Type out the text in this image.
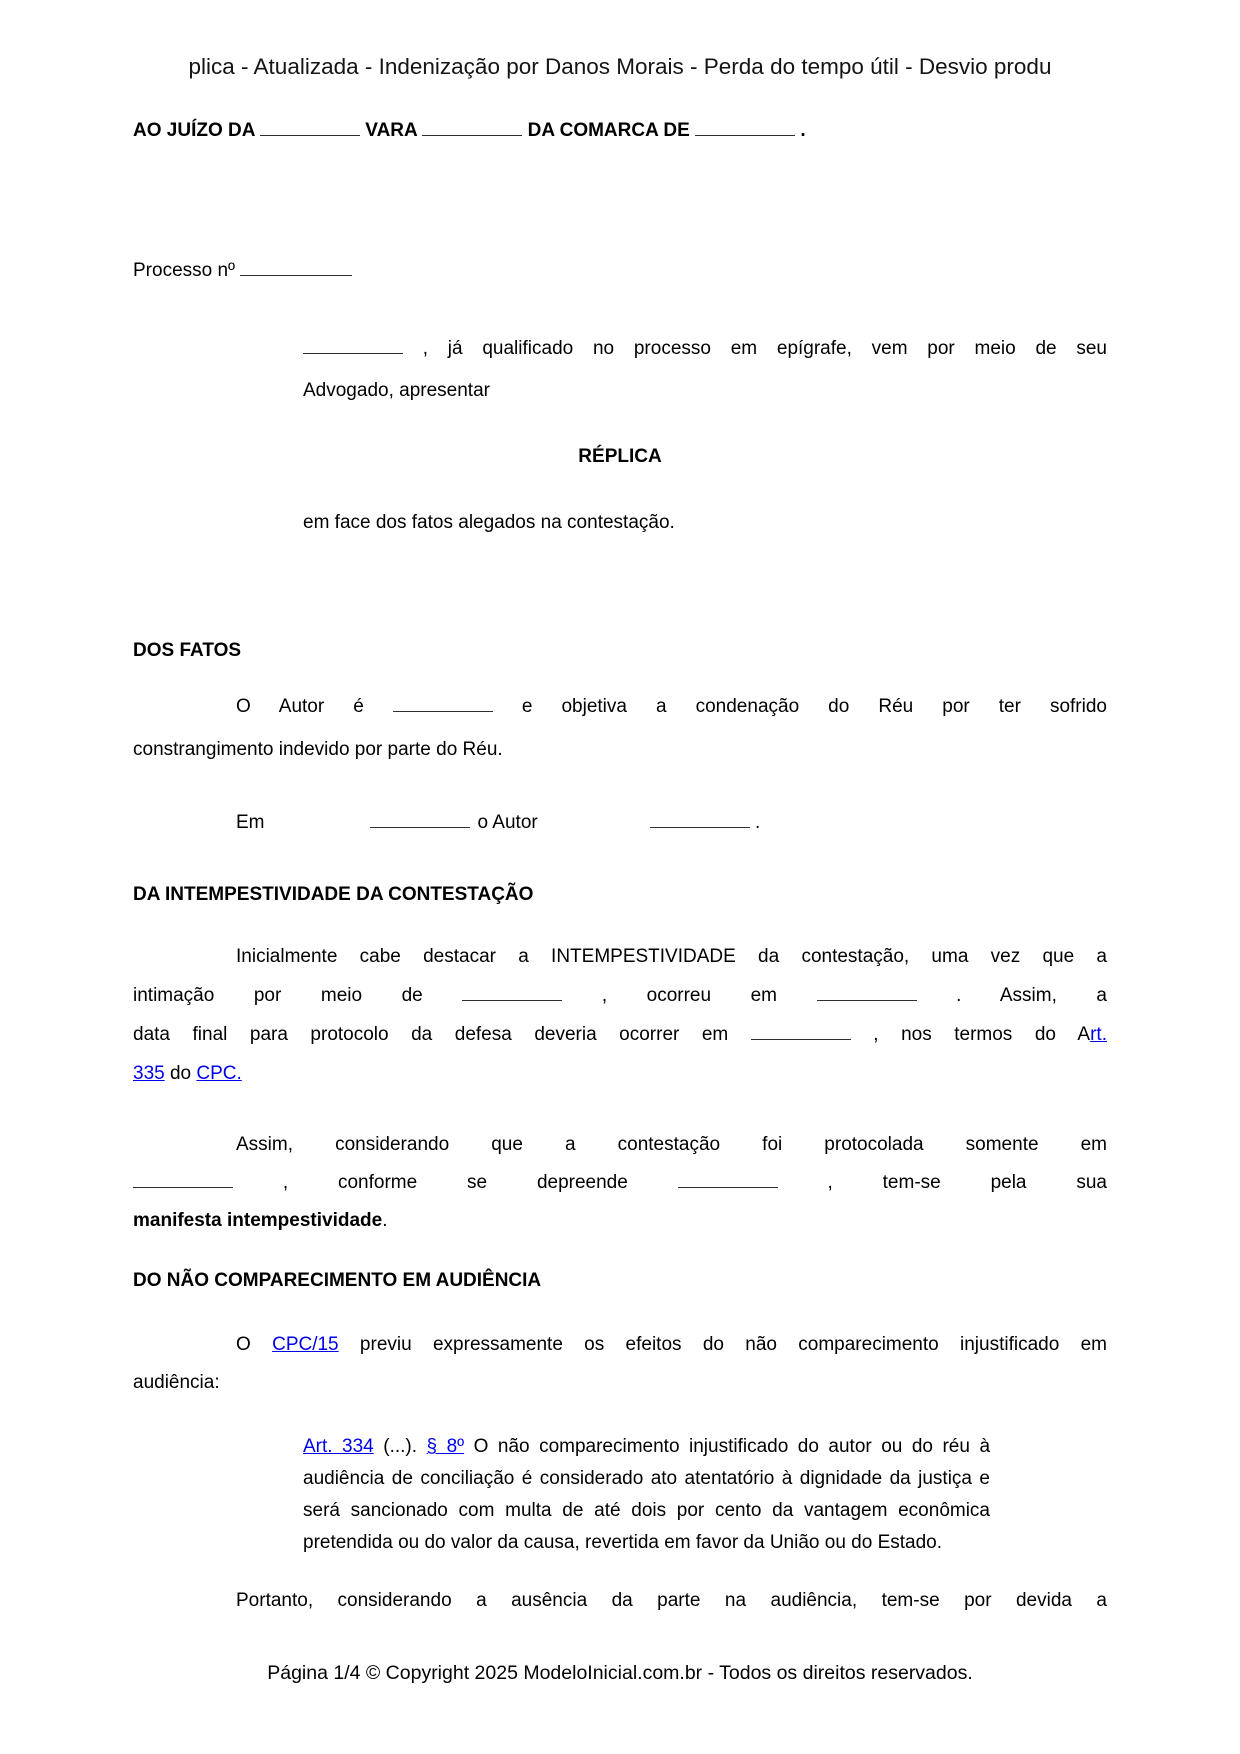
plica - Atualizada - Indenização por Danos Morais - Perda do tempo útil - Desvio produ
AO JUÍZO DA	VARA	DA COMARCA DE	.
Processo nº
, já qualificado no processo em epígrafe, vem por meio de seu
Advogado, apresentar
RÉPLICA
em face dos fatos alegados na contestação.
DOS FATOS
O Autor é	e objetiva a condenação do Réu por ter sofrido
constrangimento indevido por parte do Réu.
Em	o Autor	.
DA INTEMPESTIVIDADE DA CONTESTAÇÃO
Inicialmente cabe destacar a INTEMPESTIVIDADE da contestação, uma vez que a
intimação por meio de	, ocorreu em	. Assim, a
data final para protocolo da defesa deveria ocorrer em	, nos termos do Art.
335 do CPC.
Assim, considerando que a contestação foi protocolada somente em
, conforme se depreende	, tem-se pela sua
manifesta intempestividade.
DO NÃO COMPARECIMENTO EM AUDIÊNCIA
O CPC/15 previu expressamente os efeitos do não comparecimento injustificado em
audiência:
Art. 334 (...). § 8º O não comparecimento injustificado do autor ou do réu à
audiência de conciliação é considerado ato atentatório à dignidade da justiça e
será sancionado com multa de até dois por cento da vantagem econômica
pretendida ou do valor da causa, revertida em favor da União ou do Estado.
Portanto, considerando a ausência da parte na audiência, tem-se por devida a
Página 1/4 © Copyright 2025 ModeloInicial.com.br - Todos os direitos reservados.
